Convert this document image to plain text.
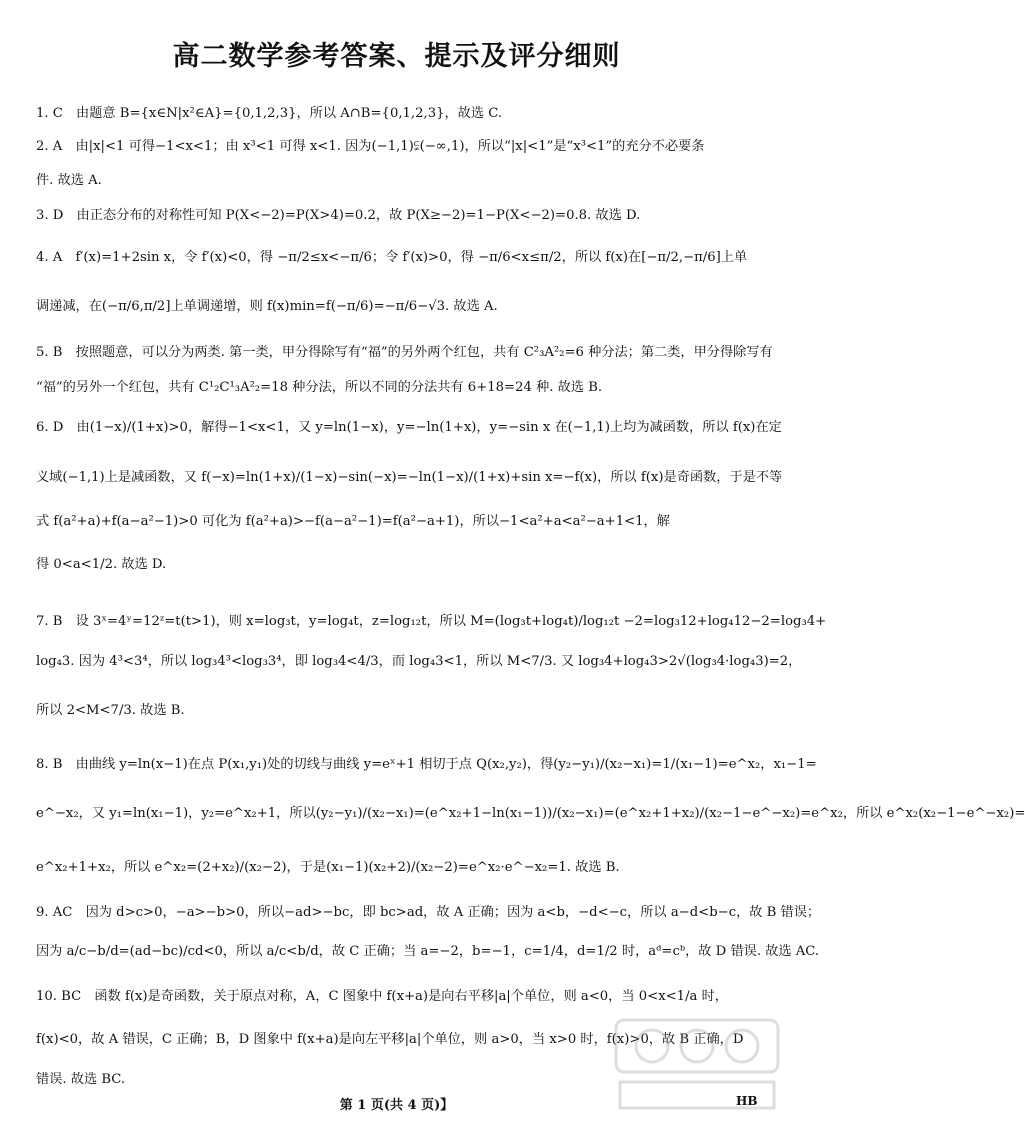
高二数学参考答案、提示及评分细则
1. C　由题意 B={x∈N|x²∈A}={0,1,2,3}，所以 A∩B={0,1,2,3}，故选 C.
2. A　由|x|<1 可得−1<x<1；由 x³<1 可得 x<1. 因为(−1,1)⫋(−∞,1)，所以“|x|<1”是“x³<1”的充分不必要条
件. 故选 A.
3. D　由正态分布的对称性可知 P(X<−2)=P(X>4)=0.2，故 P(X≥−2)=1−P(X<−2)=0.8. 故选 D.
4. A　f′(x)=1+2sin x，令 f′(x)<0，得 −π/2≤x<−π/6；令 f′(x)>0，得 −π/6<x≤π/2，所以 f(x)在[−π/2,−π/6]上单
调递减，在(−π/6,π/2]上单调递增，则 f(x)min=f(−π/6)=−π/6−√3. 故选 A.
5. B　按照题意，可以分为两类. 第一类，甲分得除写有“福”的另外两个红包，共有 C²₃A²₂=6 种分法；第二类，甲分得除写有
“福”的另外一个红包，共有 C¹₂C¹₃A²₂=18 种分法，所以不同的分法共有 6+18=24 种. 故选 B.
6. D　由(1−x)/(1+x)>0，解得−1<x<1，又 y=ln(1−x)，y=−ln(1+x)，y=−sin x 在(−1,1)上均为减函数，所以 f(x)在定
义域(−1,1)上是减函数，又 f(−x)=ln(1+x)/(1−x)−sin(−x)=−ln(1−x)/(1+x)+sin x=−f(x)，所以 f(x)是奇函数，于是不等
式 f(a²+a)+f(a−a²−1)>0 可化为 f(a²+a)>−f(a−a²−1)=f(a²−a+1)，所以−1<a²+a<a²−a+1<1，解
得 0<a<1/2. 故选 D.
7. B　设 3ˣ=4ʸ=12ᶻ=t(t>1)，则 x=log₃t，y=log₄t，z=log₁₂t，所以 M=(log₃t+log₄t)/log₁₂t −2=log₃12+log₄12−2=log₃4+
log₄3. 因为 4³<3⁴，所以 log₃4³<log₃3⁴，即 log₃4<4/3，而 log₄3<1，所以 M<7/3. 又 log₃4+log₄3>2√(log₃4·log₄3)=2，
所以 2<M<7/3. 故选 B.
8. B　由曲线 y=ln(x−1)在点 P(x₁,y₁)处的切线与曲线 y=eˣ+1 相切于点 Q(x₂,y₂)，得(y₂−y₁)/(x₂−x₁)=1/(x₁−1)=e^x₂，x₁−1=
e^−x₂，又 y₁=ln(x₁−1)，y₂=e^x₂+1，所以(y₂−y₁)/(x₂−x₁)=(e^x₂+1−ln(x₁−1))/(x₂−x₁)=(e^x₂+1+x₂)/(x₂−1−e^−x₂)=e^x₂，所以 e^x₂(x₂−1−e^−x₂)=
e^x₂+1+x₂，所以 e^x₂=(2+x₂)/(x₂−2)，于是(x₁−1)(x₂+2)/(x₂−2)=e^x₂·e^−x₂=1. 故选 B.
9. AC　因为 d>c>0，−a>−b>0，所以−ad>−bc，即 bc>ad，故 A 正确；因为 a<b，−d<−c，所以 a−d<b−c，故 B 错误；
因为 a/c−b/d=(ad−bc)/cd<0，所以 a/c<b/d，故 C 正确；当 a=−2，b=−1，c=1/4，d=1/2 时，aᵈ=cᵇ，故 D 错误. 故选 AC.
10. BC　函数 f(x)是奇函数，关于原点对称，A，C 图象中 f(x+a)是向右平移|a|个单位，则 a<0，当 0<x<1/a 时，
f(x)<0，故 A 错误，C 正确；B，D 图象中 f(x+a)是向左平移|a|个单位，则 a>0，当 x>0 时，f(x)>0，故 B 正确，D
错误. 故选 BC.
第 1 页(共 4 页)】	HB
